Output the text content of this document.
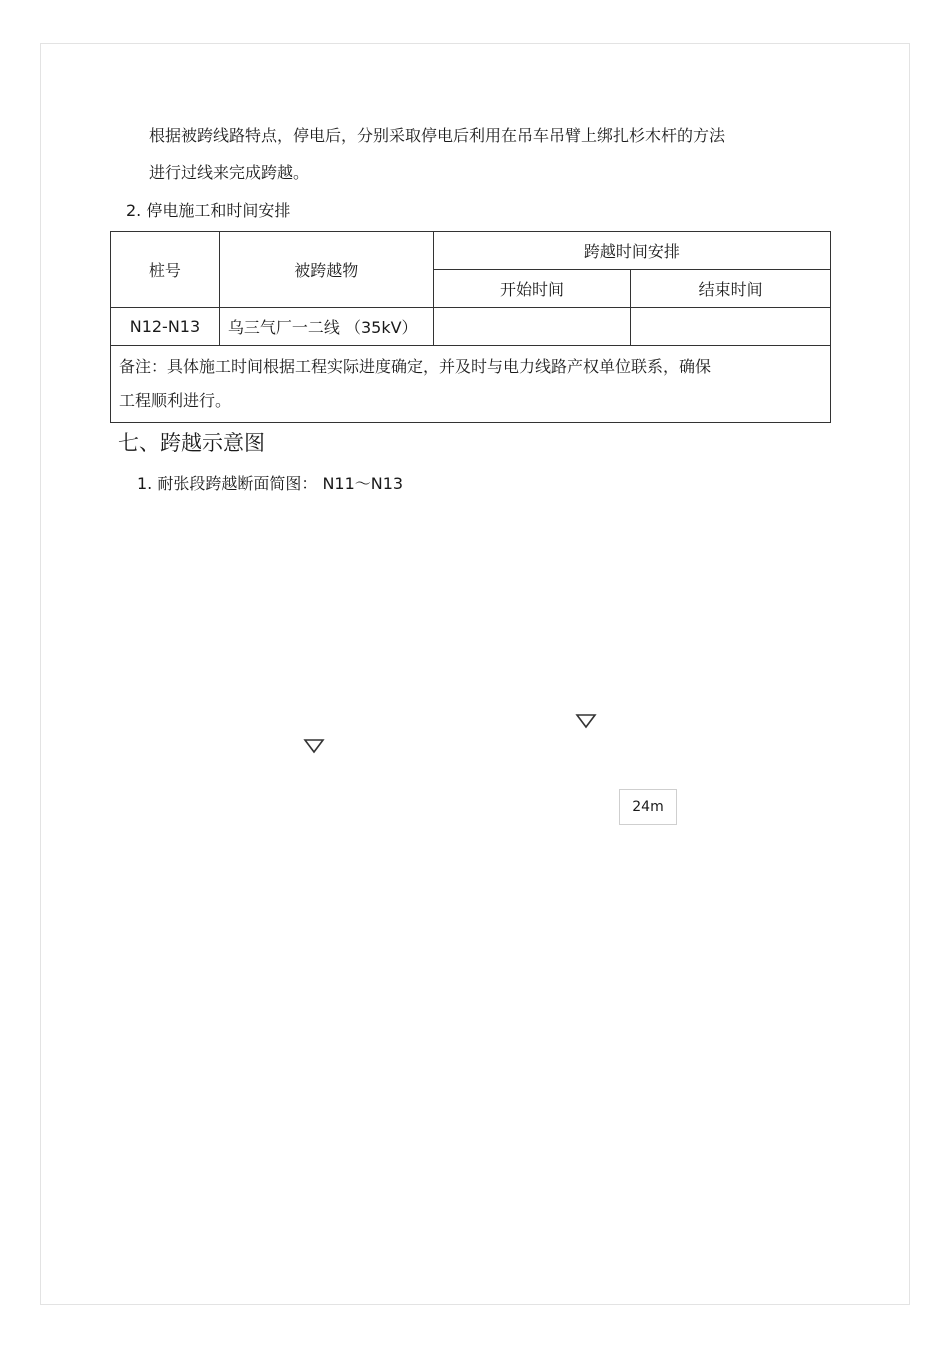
根据被跨线路特点，停电后，分别采取停电后利用在吊车吊臂上绑扎杉木杆的方法

进行过线来完成跨越。

2. 停电施工和时间安排

桩号	被跨越物	跨越时间安排	
		开始时间	结束时间
N12-N13	乌三气厂一二线 （35kV）		

备注：具体施工时间根据工程实际进度确定，并及时与电力线路产权单位联系，确保
工程顺利进行。			
七、跨越示意图

1. 耐张段跨越断面简图： N11～N13

24m
